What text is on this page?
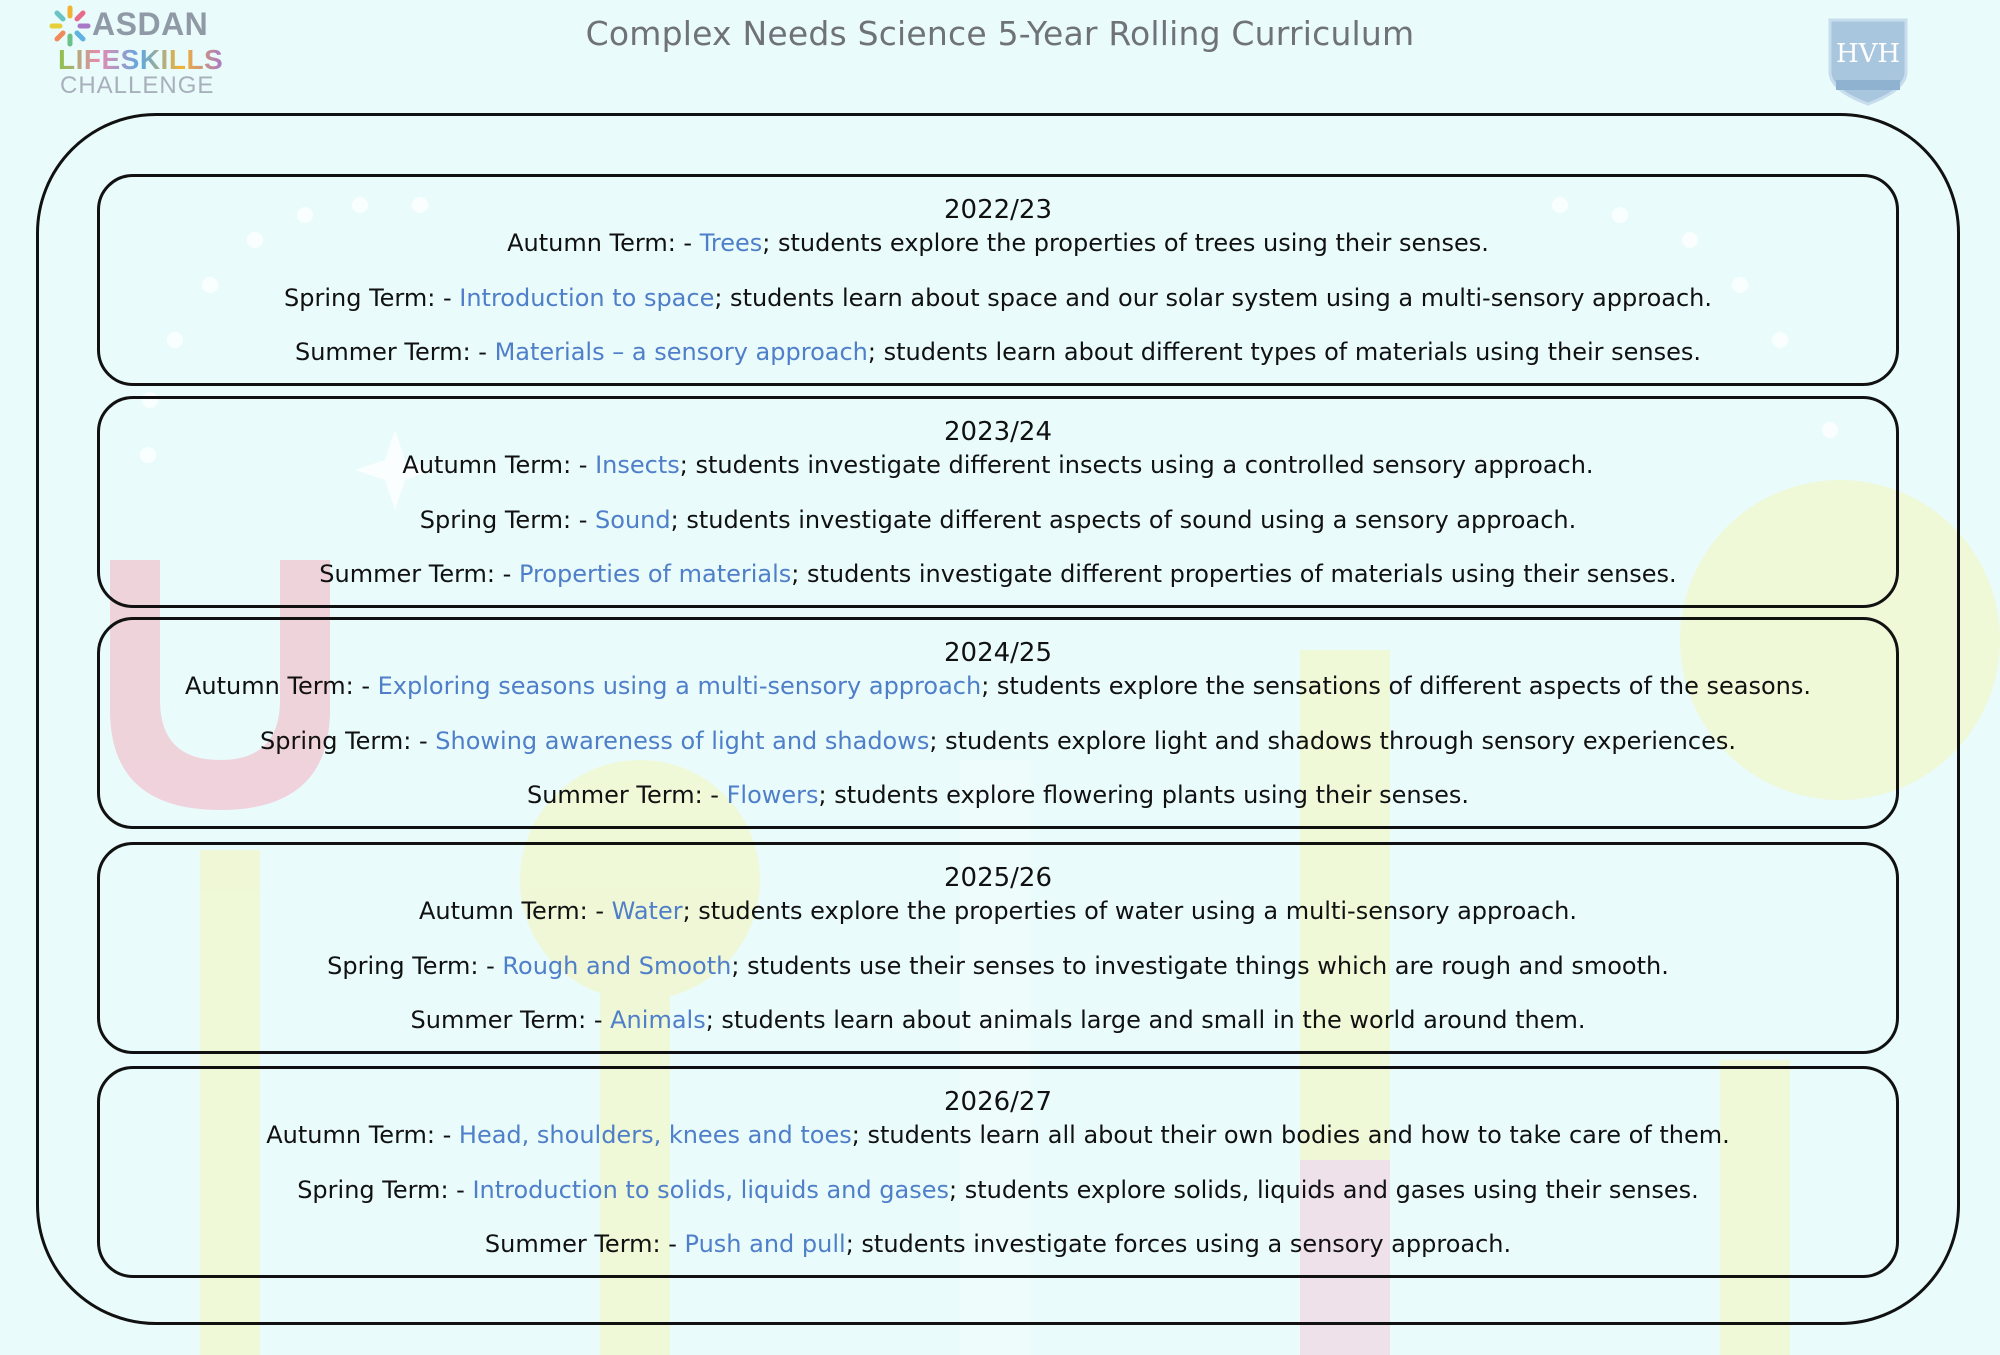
ASDAN
LIFESKILLS
CHALLENGE
Complex Needs Science 5-Year Rolling Curriculum
HVH
2022/23
Autumn Term: - Trees; students explore the properties of trees using their senses.
Spring Term: - Introduction to space; students learn about space and our solar system using a multi-sensory approach.
Summer Term: - Materials – a sensory approach; students learn about different types of materials using their senses.
2023/24
Autumn Term: - Insects; students investigate different insects using a controlled sensory approach.
Spring Term: - Sound; students investigate different aspects of sound using a sensory approach.
Summer Term: - Properties of materials; students investigate different properties of materials using their senses.
2024/25
Autumn Term: - Exploring seasons using a multi-sensory approach; students explore the sensations of different aspects of the seasons.
Spring Term: - Showing awareness of light and shadows; students explore light and shadows through sensory experiences.
Summer Term: - Flowers; students explore flowering plants using their senses.
2025/26
Autumn Term: - Water; students explore the properties of water using a multi-sensory approach.
Spring Term: - Rough and Smooth; students use their senses to investigate things which are rough and smooth.
Summer Term: - Animals; students learn about animals large and small in the world around them.
2026/27
Autumn Term: - Head, shoulders, knees and toes; students learn all about their own bodies and how to take care of them.
Spring Term: - Introduction to solids, liquids and gases; students explore solids, liquids and gases using their senses.
Summer Term: - Push and pull; students investigate forces using a sensory approach.
